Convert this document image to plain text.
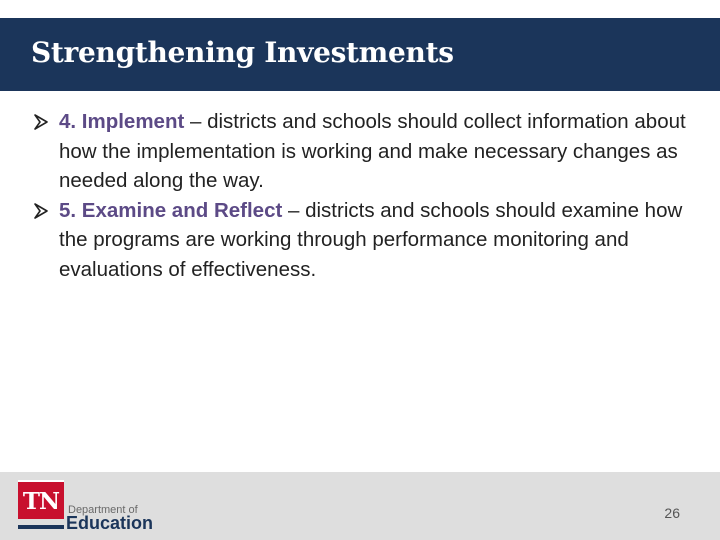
Strengthening Investments
4. Implement – districts and schools should collect information about how the implementation is working and make necessary changes as needed along the way.
5. Examine and Reflect – districts and schools should examine how the programs are working through performance monitoring and evaluations of effectiveness.
TN Department of
Education	26
